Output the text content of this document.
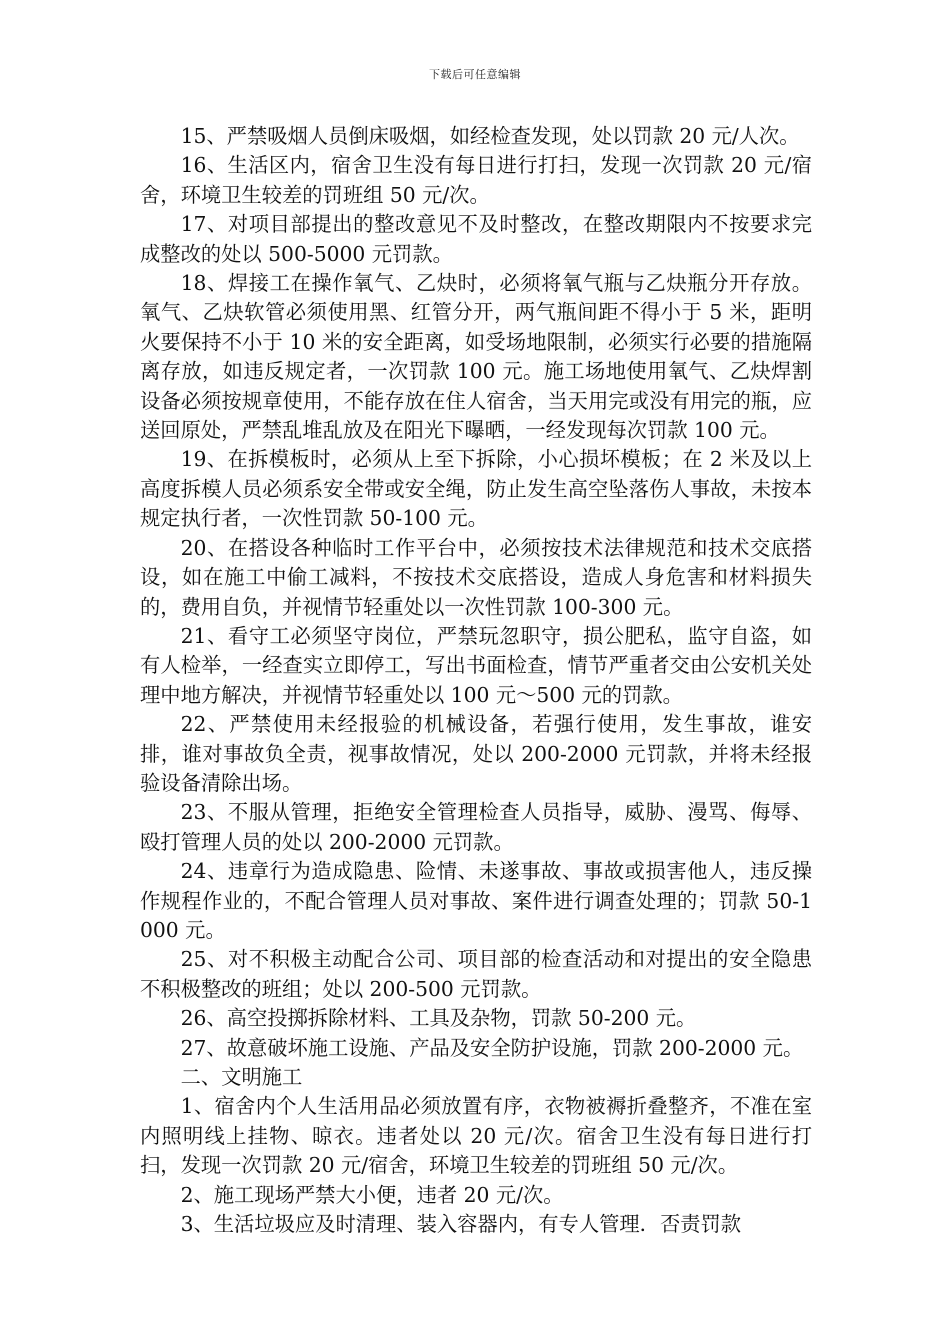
下载后可任意编辑

15、严禁吸烟人员倒床吸烟，如经检查发现，处以罚款 20 元/人次。

16、生活区内，宿舍卫生没有每日进行打扫，发现一次罚款 20 元/宿舍，环境卫生较差的罚班组 50 元/次。

17、对项目部提出的整改意见不及时整改，在整改期限内不按要求完成整改的处以 500-5000 元罚款。

18、焊接工在操作氧气、乙炔时，必须将氧气瓶与乙炔瓶分开存放。氧气、乙炔软管必须使用黑、红管分开，两气瓶间距不得小于 5 米，距明火要保持不小于 10 米的安全距离，如受场地限制，必须实行必要的措施隔离存放，如违反规定者，一次罚款 100 元。施工场地使用氧气、乙炔焊割设备必须按规章使用，不能存放在住人宿舍，当天用完或没有用完的瓶，应送回原处，严禁乱堆乱放及在阳光下曝晒，一经发现每次罚款 100 元。

19、在拆模板时，必须从上至下拆除，小心损坏模板；在 2 米及以上高度拆模人员必须系安全带或安全绳，防止发生高空坠落伤人事故，未按本规定执行者，一次性罚款 50-100 元。

20、在搭设各种临时工作平台中，必须按技术法律规范和技术交底搭设，如在施工中偷工减料，不按技术交底搭设，造成人身危害和材料损失的，费用自负，并视情节轻重处以一次性罚款 100-300 元。

21、看守工必须坚守岗位，严禁玩忽职守，损公肥私，监守自盗，如有人检举，一经查实立即停工，写出书面检查，情节严重者交由公安机关处理中地方解决，并视情节轻重处以 100 元～500 元的罚款。

22、严禁使用未经报验的机械设备，若强行使用，发生事故，谁安排，谁对事故负全责，视事故情况，处以 200-2000 元罚款，并将未经报验设备清除出场。

23、不服从管理，拒绝安全管理检查人员指导，威胁、漫骂、侮辱、殴打管理人员的处以 200-2000 元罚款。

24、违章行为造成隐患、险情、未遂事故、事故或损害他人，违反操作规程作业的，不配合管理人员对事故、案件进行调查处理的；罚款 50-1000 元。

25、对不积极主动配合公司、项目部的检查活动和对提出的安全隐患不积极整改的班组；处以 200-500 元罚款。

26、高空投掷拆除材料、工具及杂物，罚款 50-200 元。

27、故意破坏施工设施、产品及安全防护设施，罚款 200-2000 元。

二、文明施工

1、宿舍内个人生活用品必须放置有序，衣物被褥折叠整齐，不准在室内照明线上挂物、晾衣。违者处以 20 元/次。宿舍卫生没有每日进行打扫，发现一次罚款 20 元/宿舍，环境卫生较差的罚班组 50 元/次。

2、施工现场严禁大小便，违者 20 元/次。

3、生活垃圾应及时清理、装入容器内，有专人管理．否责罚款
